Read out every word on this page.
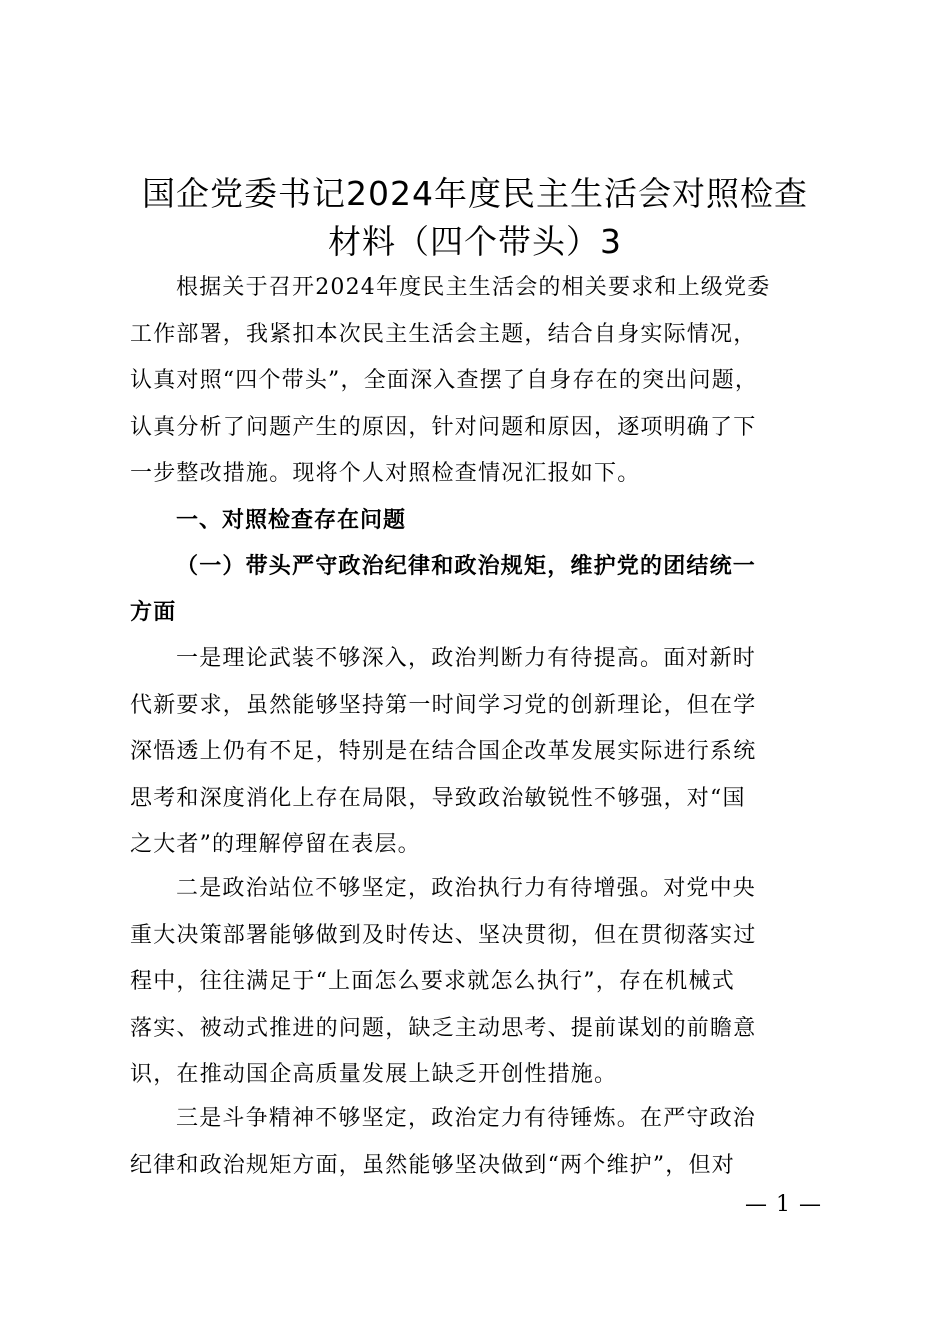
国企党委书记2024年度民主生活会对照检查
材料（四个带头）3
根据关于召开2024年度民主生活会的相关要求和上级党委
工作部署，我紧扣本次民主生活会主题，结合自身实际情况，
认真对照“四个带头”，全面深入查摆了自身存在的突出问题，
认真分析了问题产生的原因，针对问题和原因，逐项明确了下
一步整改措施。现将个人对照检查情况汇报如下。
一、对照检查存在问题
（一）带头严守政治纪律和政治规矩，维护党的团结统一
方面
一是理论武装不够深入，政治判断力有待提高。面对新时
代新要求，虽然能够坚持第一时间学习党的创新理论，但在学
深悟透上仍有不足，特别是在结合国企改革发展实际进行系统
思考和深度消化上存在局限，导致政治敏锐性不够强，对“国
之大者”的理解停留在表层。
二是政治站位不够坚定，政治执行力有待增强。对党中央
重大决策部署能够做到及时传达、坚决贯彻，但在贯彻落实过
程中，往往满足于“上面怎么要求就怎么执行”，存在机械式
落实、被动式推进的问题，缺乏主动思考、提前谋划的前瞻意
识，在推动国企高质量发展上缺乏开创性措施。
三是斗争精神不够坚定，政治定力有待锤炼。在严守政治
纪律和政治规矩方面，虽然能够坚决做到“两个维护”，但对
— 1 —
